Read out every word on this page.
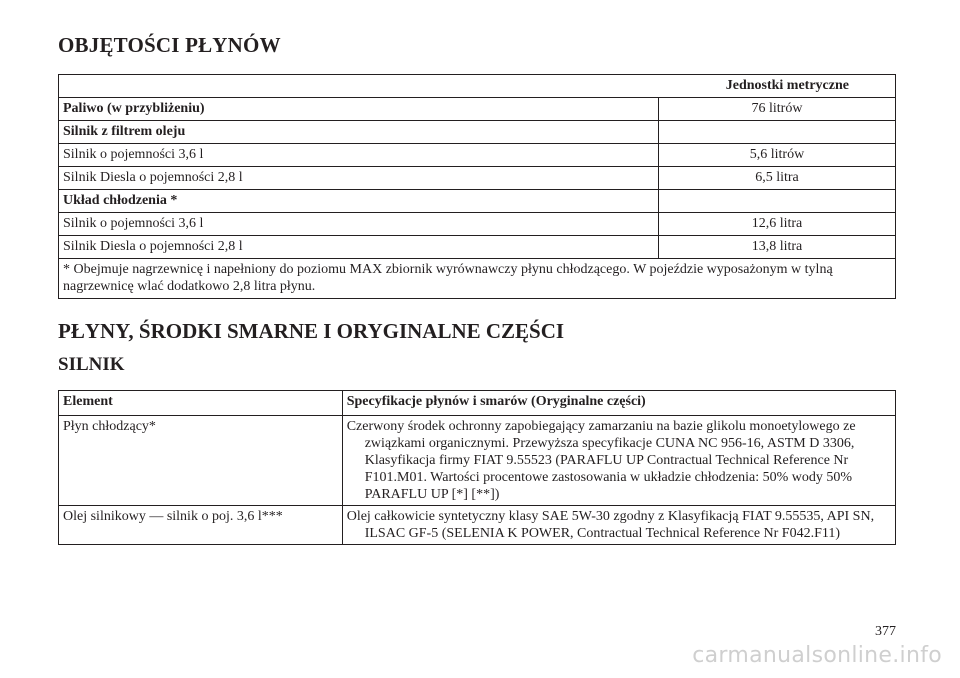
OBJĘTOŚCI PŁYNÓW
Jednostki metryczne	
Paliwo (w przybliżeniu)	76 litrów
Silnik z filtrem oleju	
Silnik o pojemności 3,6 l	5,6 litrów
Silnik Diesla o pojemności 2,8 l	6,5 litra
Układ chłodzenia *	
Silnik o pojemności 3,6 l	12,6 litra
Silnik Diesla o pojemności 2,8 l	13,8 litra
* Obejmuje nagrzewnicę i napełniony do poziomu MAX zbiornik wyrównawczy płynu chłodzącego. W pojeździe wyposażonym w tylną nagrzewnicę wlać dodatkowo 2,8 litra płynu.	
PŁYNY, ŚRODKI SMARNE I ORYGINALNE CZĘŚCI
SILNIK
Element	Specyfikacje płynów i smarów (Oryginalne części)
Płyn chłodzący*	Czerwony środek ochronny zapobiegający zamarzaniu na bazie glikolu monoetylowego ze związkami organicznymi. Przewyższa specyfikacje CUNA NC 956-16, ASTM D 3306, Klasyfikacja firmy FIAT 9.55523 (PARAFLU UP Contractual Technical Reference Nr F101.M01. Wartości procentowe zastosowania w układzie chłodzenia: 50% wody 50% PARAFLU UP [*] [**])

Olej silnikowy — silnik o poj. 3,6 l***	Olej całkowicie syntetyczny klasy SAE 5W-30 zgodny z Klasyfikacją FIAT 9.55535, API SN, ILSAC GF-5 (SELENIA K POWER, Contractual Technical Reference Nr F042.F11)
377
carmanualsonline.info
